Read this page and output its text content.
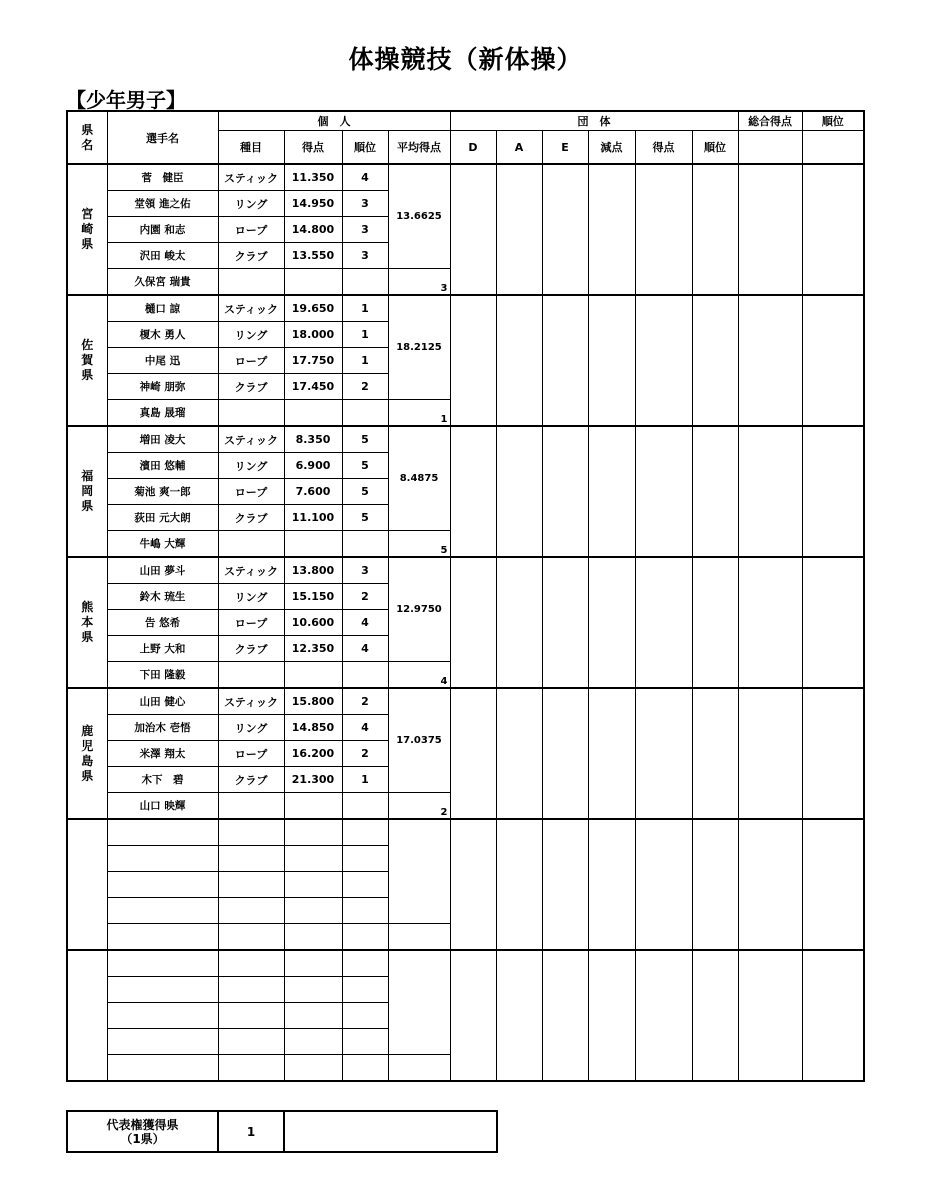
体操競技（新体操）
【少年男子】
県
名	選手名	個　人				団　体						総合得点	順位
		種目	得点	順位	平均得点	D	A	E	減点	得点	順位		

宮
崎
県	菅　健臣	スティック	11.350	4	13.6625								
	堂領 進之佑	リング	14.950	3									
	内園 和志	ロープ	14.800	3									
	沢田 峻太	クラブ	13.550	3									
	久保宮 瑞貴				3								

佐
賀
県	樋口 諒	スティック	19.650	1	18.2125								
	榎木 勇人	リング	18.000	1									
	中尾 迅	ロープ	17.750	1									
	神崎 朋弥	クラブ	17.450	2									
	真島 晟瑠				1								

福
岡
県	増田 凌大	スティック	8.350	5	8.4875								
	濱田 悠輔	リング	6.900	5									
	菊池 爽一郎	ロープ	7.600	5									
	荻田 元大朗	クラブ	11.100	5									
	牛嶋 大輝				5								

熊
本
県	山田 夢斗	スティック	13.800	3	12.9750								
	鈴木 琉生	リング	15.150	2									
	告 悠希	ロープ	10.600	4									
	上野 大和	クラブ	12.350	4									
	下田 隆毅				4								

鹿
児
島
県	山田 健心	スティック	15.800	2	17.0375								
	加治木 壱悟	リング	14.850	4									
	米澤 翔太	ロープ	16.200	2									
	木下　碧	クラブ	21.300	1									
	山口 映輝				2								

代表権獲得県
（1県）	1	
